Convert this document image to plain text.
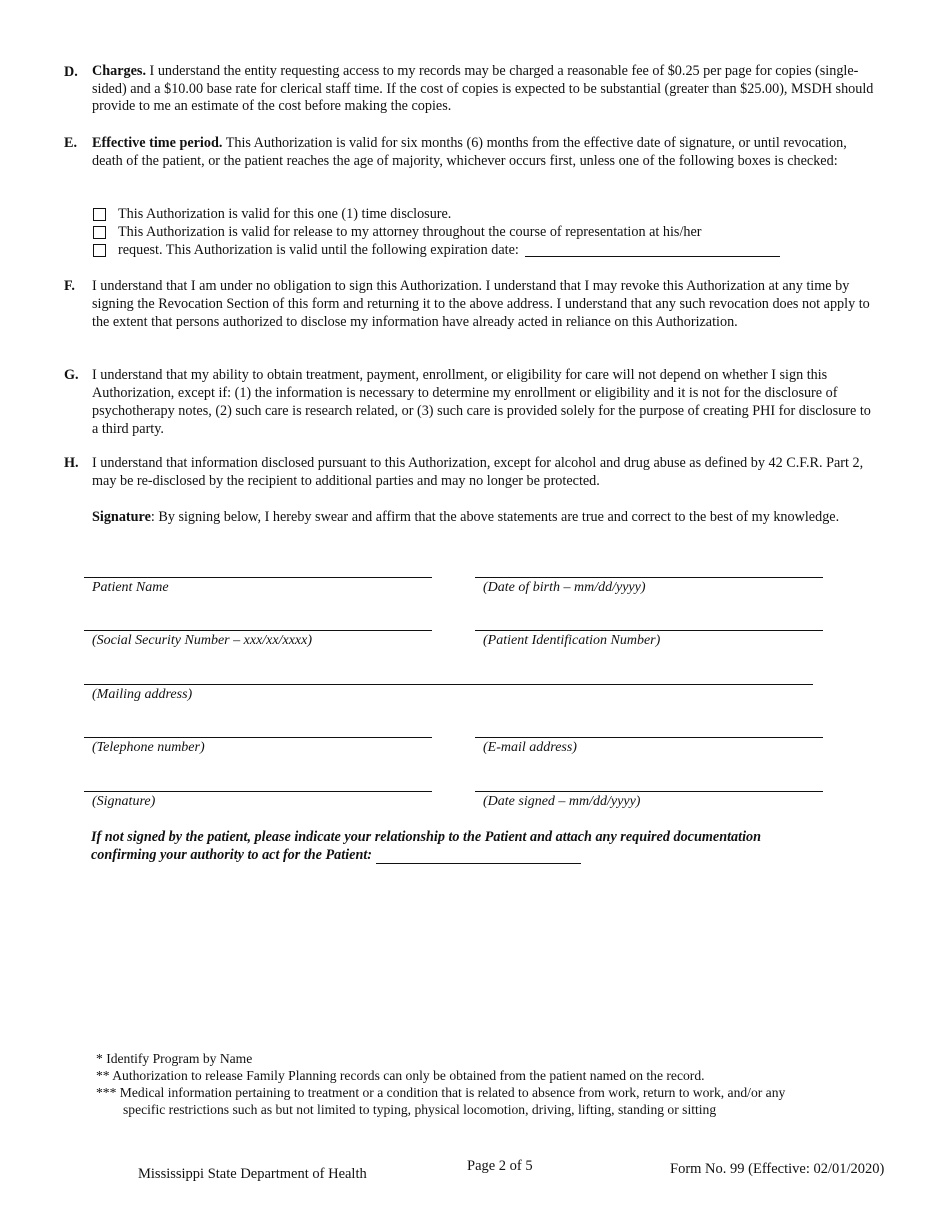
D. Charges. I understand the entity requesting access to my records may be charged a reasonable fee of $0.25 per page for copies (single-sided) and a $10.00 base rate for clerical staff time. If the cost of copies is expected to be substantial (greater than $25.00), MSDH should provide to me an estimate of the cost before making the copies.
E. Effective time period. This Authorization is valid for six months (6) months from the effective date of signature, or until revocation, death of the patient, or the patient reaches the age of majority, whichever occurs first, unless one of the following boxes is checked:
This Authorization is valid for this one (1) time disclosure.
This Authorization is valid for release to my attorney throughout the course of representation at his/her
request. This Authorization is valid until the following expiration date:
F. I understand that I am under no obligation to sign this Authorization. I understand that I may revoke this Authorization at any time by signing the Revocation Section of this form and returning it to the above address. I understand that any such revocation does not apply to the extent that persons authorized to disclose my information have already acted in reliance on this Authorization.
G. I understand that my ability to obtain treatment, payment, enrollment, or eligibility for care will not depend on whether I sign this Authorization, except if: (1) the information is necessary to determine my enrollment or eligibility and it is not for the disclosure of psychotherapy notes, (2) such care is research related, or (3) such care is provided solely for the purpose of creating PHI for disclosure to a third party.
H. I understand that information disclosed pursuant to this Authorization, except for alcohol and drug abuse as defined by 42 C.F.R. Part 2, may be re-disclosed by the recipient to additional parties and may no longer be protected.
Signature: By signing below, I hereby swear and affirm that the above statements are true and correct to the best of my knowledge.
Patient Name	(Date of birth – mm/dd/yyyy)
(Social Security Number – xxx/xx/xxxx)	(Patient Identification Number)
(Mailing address)
(Telephone number)	(E-mail address)
(Signature)	(Date signed – mm/dd/yyyy)
If not signed by the patient, please indicate your relationship to the Patient and attach any required documentation confirming your authority to act for the Patient:
* Identify Program by Name
** Authorization to release Family Planning records can only be obtained from the patient named on the record.
*** Medical information pertaining to treatment or a condition that is related to absence from work, return to work, and/or any
specific restrictions such as but not limited to typing, physical locomotion, driving, lifting, standing or sitting
Mississippi State Department of Health	Page 2 of 5	Form No. 99 (Effective: 02/01/2020)
